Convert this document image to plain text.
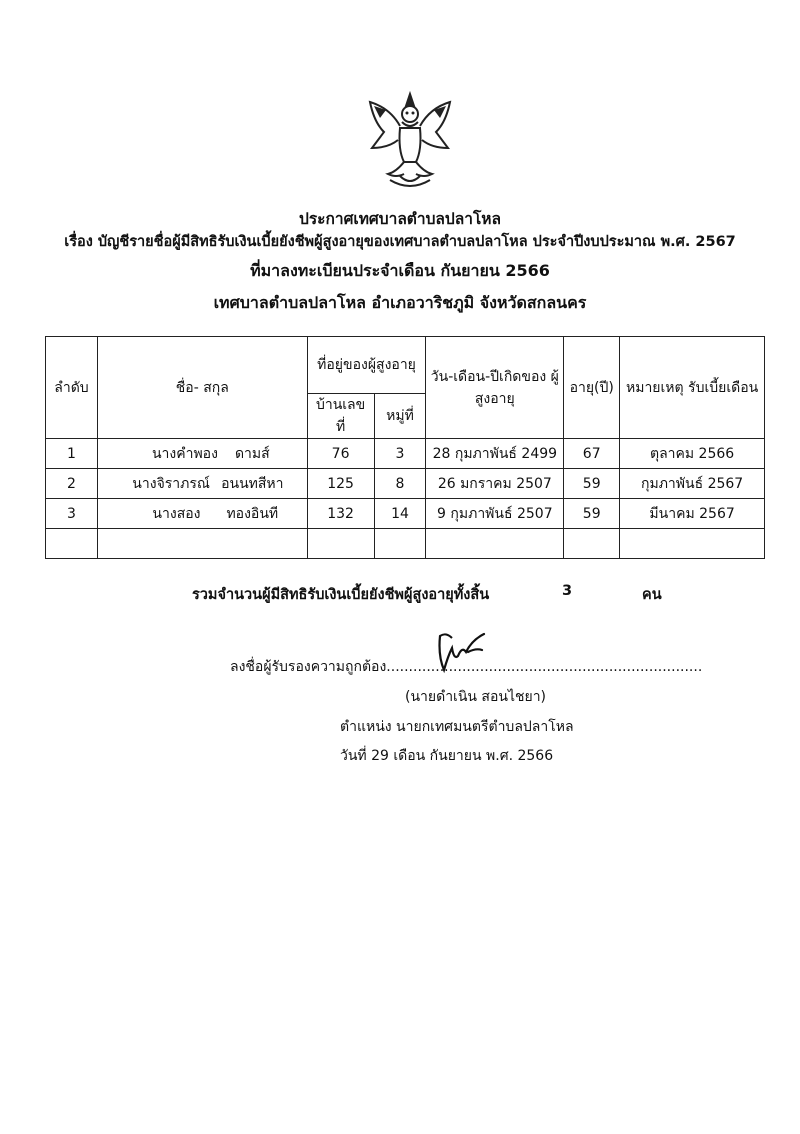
ประกาศเทศบาลตำบลปลาโหล
เรื่อง บัญชีรายชื่อผู้มีสิทธิรับเงินเบี้ยยังชีพผู้สูงอายุของเทศบาลตำบลปลาโหล ประจำปีงบประมาณ พ.ศ. 2567
ที่มาลงทะเบียนประจำเดือน กันยายน 2566
เทศบาลตำบลปลาโหล อำเภอวาริชภูมิ จังหวัดสกลนคร
ลำดับ	ชื่อ- สกุล	ที่อยู่ของผู้สูงอายุ		วัน-เดือน-ปีเกิดของ ผู้สูงอายุ	อายุ(ปี)	หมายเหตุ รับเบี้ยเดือน
		บ้านเลขที่	หมู่ที่			
1	นางคำพอง ดามส์	76	3	28 กุมภาพันธ์ 2499	67	ตุลาคม 2566
2	นางจิราภรณ์ อนนทสีหา	125	8	26 มกราคม 2507	59	กุมภาพันธ์ 2567
3	นางสอง ทองอินที	132	14	9 กุมภาพันธ์ 2507	59	มีนาคม 2567

รวมจำนวนผู้มีสิทธิรับเงินเบี้ยยังชีพผู้สูงอายุทั้งสิ้น	3	คน
ลงชื่อผู้รับรองความถูกต้อง.......................................................................
(นายดำเนิน สอนไชยา)
ตำแหน่ง นายกเทศมนตรีตำบลปลาโหล
วันที่ 29 เดือน กันยายน พ.ศ. 2566
